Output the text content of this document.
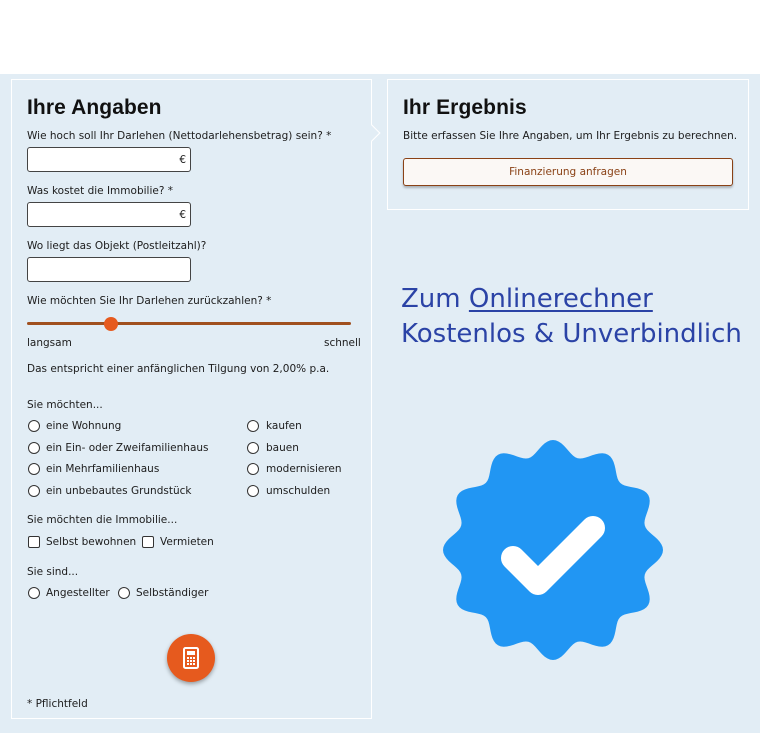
Ihre Angaben
Wie hoch soll Ihr Darlehen (Nettodarlehensbetrag) sein? *
€
Was kostet die Immobilie? *
€
Wo liegt das Objekt (Postleitzahl)?
Wie möchten Sie Ihr Darlehen zurückzahlen? *
langsam	schnell
Das entspricht einer anfänglichen Tilgung von 2,00% p.a.
Sie möchten...
eine Wohnung
ein Ein- oder Zweifamilienhaus
ein Mehrfamilienhaus
ein unbebautes Grundstück
kaufen
bauen
modernisieren
umschulden
Sie möchten die Immobilie...
Selbst bewohnen Vermieten
Sie sind...
Angestellter	Selbständiger
* Pflichtfeld
Ihr Ergebnis
Bitte erfassen Sie Ihre Angaben, um Ihr Ergebnis zu berechnen.
Finanzierung anfragen
Zum Onlinerechner
Kostenlos & Unverbindlich
